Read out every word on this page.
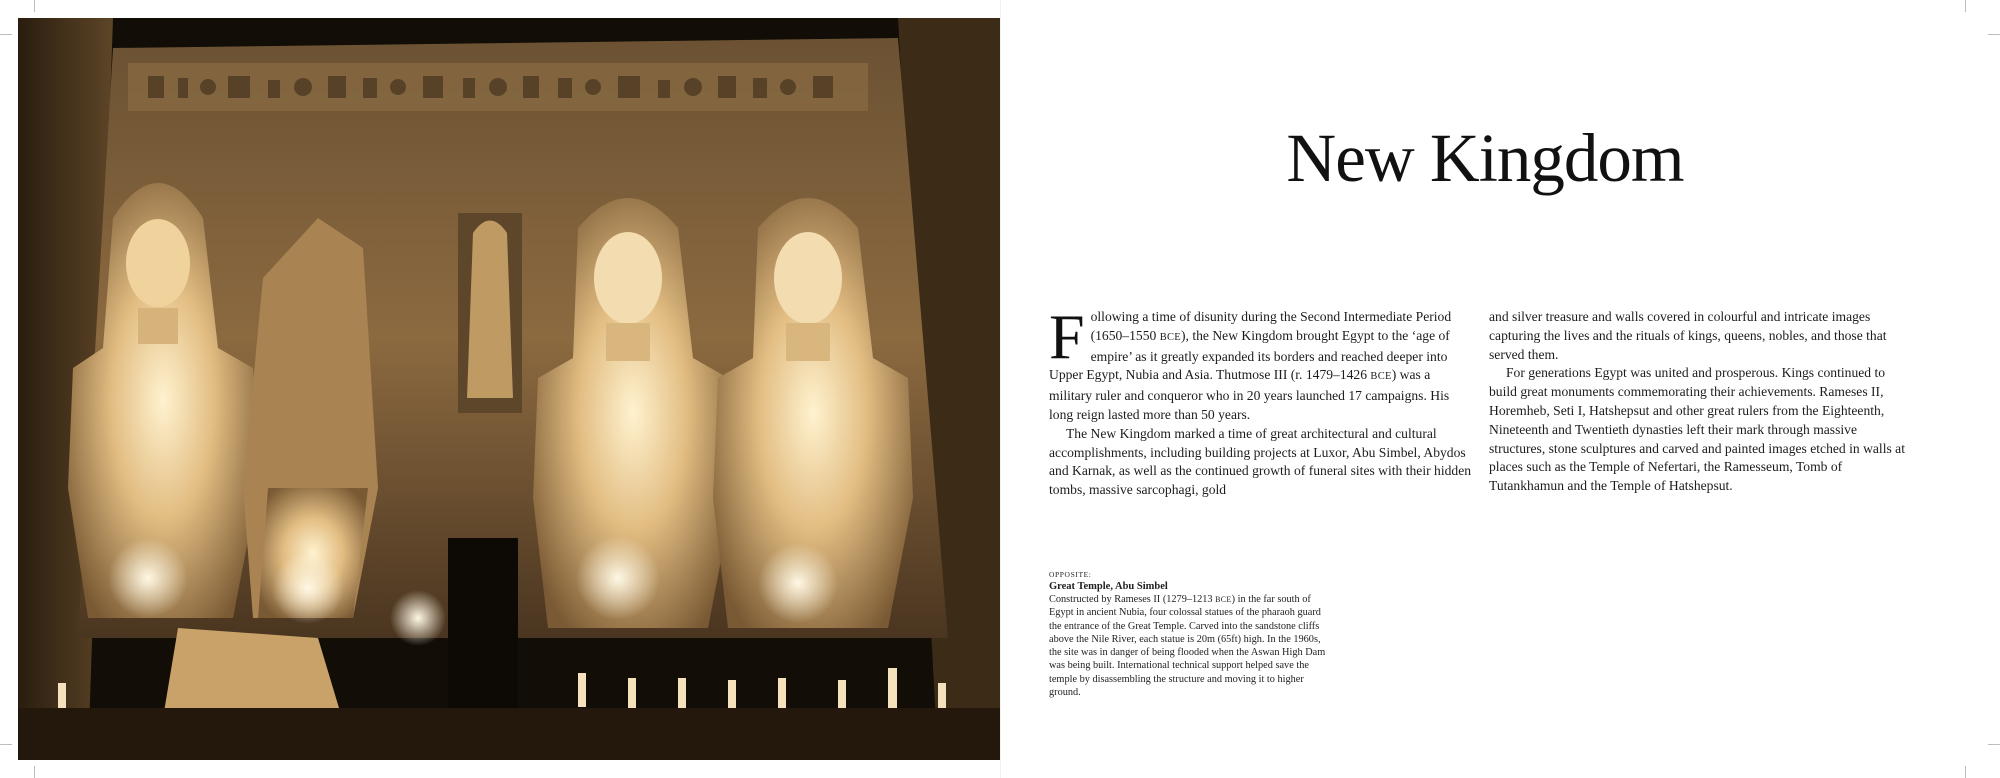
New Kingdom

Following a time of disunity during the Second Intermediate Period (1650–1550 BCE), the New Kingdom brought Egypt to the ‘age of empire’ as it greatly expanded its borders and reached deeper into Upper Egypt, Nubia and Asia. Thutmose III (r. 1479–1426 BCE) was a military ruler and conqueror who in 20 years launched 17 campaigns. His long reign lasted more than 50 years.

The New Kingdom marked a time of great architectural and cultural accomplishments, including building projects at Luxor, Abu Simbel, Abydos and Karnak, as well as the continued growth of funeral sites with their hidden tombs, massive sarcophagi, gold

and silver treasure and walls covered in colourful and intricate images capturing the lives and the rituals of kings, queens, nobles, and those that served them.

For generations Egypt was united and prosperous. Kings continued to build great monuments commemorating their achievements. Rameses II, Horemheb, Seti I, Hatshepsut and other great rulers from the Eighteenth, Nineteenth and Twentieth dynasties left their mark through massive structures, stone sculptures and carved and painted images etched in walls at places such as the Temple of Nefertari, the Ramesseum, Tomb of Tutankhamun and the Temple of Hatshepsut.

OPPOSITE:
Great Temple, Abu Simbel
Constructed by Rameses II (1279–1213 BCE) in the far south of Egypt in ancient Nubia, four colossal statues of the pharaoh guard the entrance of the Great Temple. Carved into the sandstone cliffs above the Nile River, each statue is 20m (65ft) high. In the 1960s, the site was in danger of being flooded when the Aswan High Dam was being built. International technical support helped save the temple by disassembling the structure and moving it to higher ground.
